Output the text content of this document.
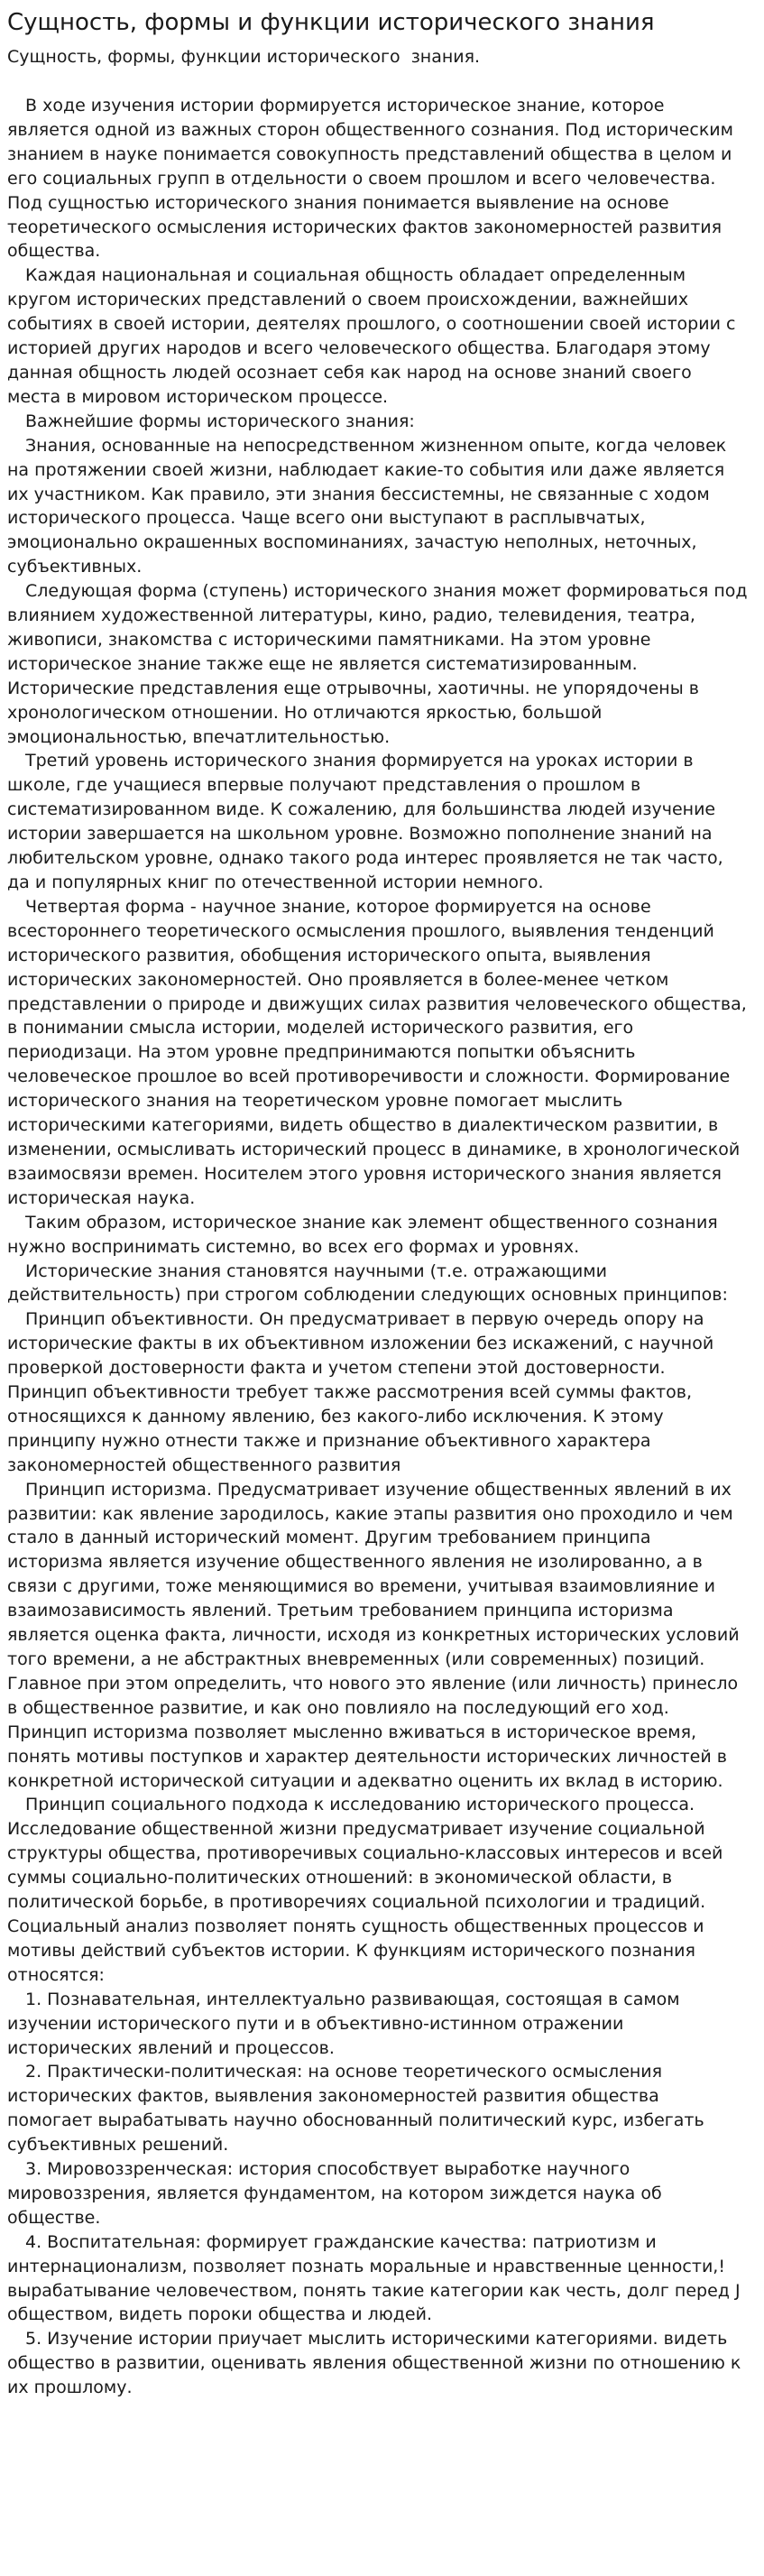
Сущность, формы и функции исторического знания
Сущность, формы, функции исторического  знания.

В ходе изучения истории формируется историческое знание, которое является одной из важных сторон общественного сознания. Под историческим знанием в науке понимается совокупность представлений общества в целом и его социальных групп в отдельности о своем прошлом и всего человечества. Под сущностью исторического знания понимается выявление на основе теоретического осмысления исторических фактов закономерностей развития общества.

Каждая национальная и социальная общность обладает определенным кругом исторических представлений о своем происхождении, важнейших событиях в своей истории, деятелях прошлого, о соотношении своей истории с историей других народов и всего человеческого общества. Благодаря этому данная общность людей осознает себя как народ на основе знаний своего места в мировом историческом процессе.

Важнейшие формы исторического знания:

Знания, основанные на непосредственном жизненном опыте, когда человек на протяжении своей жизни, наблюдает какие-то события или даже является их участником. Как правило, эти знания бессистемны, не связанные с ходом исторического процесса. Чаще всего они выступают в расплывчатых, эмоционально окрашенных воспоминаниях, зачастую неполных, неточных, субъективных.

Следующая форма (ступень) исторического знания может формироваться под влиянием художественной литературы, кино, радио, телевидения, театра, живописи, знакомства с историческими памятниками. На этом уровне историческое знание также еще не является систематизированным. Исторические представления еще отрывочны, хаотичны. не упорядочены в хронологическом отношении. Но отличаются яркостью, большой эмоциональностью, впечатлительностью.

Третий уровень исторического знания формируется на уроках истории в школе, где учащиеся впервые получают представления о прошлом в систематизированном виде. К сожалению, для большинства людей изучение истории завершается на школьном уровне. Возможно пополнение знаний на любительском уровне, однако такого рода интерес проявляется не так часто, да и популярных книг по отечественной истории немного.

Четвертая форма - научное знание, которое формируется на основе всестороннего теоретического осмысления прошлого, выявления тенденций исторического развития, обобщения исторического опыта, выявления исторических закономерностей. Оно проявляется в более-менее четком представлении о природе и движущих силах развития человеческого общества, в понимании смысла истории, моделей исторического развития, его периодизаци. На этом уровне предпринимаются попытки объяснить человеческое прошлое во всей противоречивости и сложности. Формирование исторического знания на теоретическом уровне помогает мыслить историческими категориями, видеть общество в диалектическом развитии, в изменении, осмысливать исторический процесс в динамике, в хронологической взаимосвязи времен. Носителем этого уровня исторического знания является историческая наука.

Таким образом, историческое знание как элемент общественного сознания нужно воспринимать системно, во всех его формах и уровнях.

Исторические знания становятся научными (т.е. отражающими действительность) при строгом соблюдении следующих основных принципов:

Принцип объективности. Он предусматривает в первую очередь опору на исторические факты в их объективном изложении без искажений, с научной проверкой достоверности факта и учетом степени этой достоверности. Принцип объективности требует также рассмотрения всей суммы фактов, относящихся к данному явлению, без какого-либо исключения. К этому принципу нужно отнести также и признание объективного характера закономерностей общественного развития

Принцип историзма. Предусматривает изучение общественных явлений в их развитии: как явление зародилось, какие этапы развития оно проходило и чем стало в данный исторический момент. Другим требованием принципа историзма является изучение общественного явления не изолированно, а в связи с другими, тоже меняющимися во времени, учитывая взаимовлияние и взаимозависимость явлений. Третьим требованием принципа историзма является оценка факта, личности, исходя из конкретных исторических условий того времени, а не абстрактных вневременных (или современных) позиций. Главное при этом определить, что нового это явление (или личность) принесло в общественное развитие, и как оно повлияло на последующий его ход. Принцип историзма позволяет мысленно вживаться в историческое время, понять мотивы поступков и характер деятельности исторических личностей в конкретной исторической ситуации и адекватно оценить их вклад в историю.

Принцип социального подхода к исследованию исторического процесса. Исследование общественной жизни предусматривает изучение социальной структуры общества, противоречивых социально-классовых интересов и всей суммы социально-политических отношений: в экономической области, в политической борьбе, в противоречиях социальной психологии и традиций. Социальный анализ позволяет понять сущность общественных процессов и мотивы действий субъектов истории. К функциям исторического познания относятся:

1. Познавательная, интеллектуально развивающая, состоящая в самом изучении исторического пути и в объективно-истинном отражении исторических явлений и процессов.

2. Практически-политическая: на основе теоретического осмысления исторических фактов, выявления закономерностей развития общества помогает вырабатывать научно обоснованный политический курс, избегать субъективных решений.

3. Мировоззренческая: история способствует выработке научного мировоззрения, является фундаментом, на котором зиждется наука об обществе.

4. Воспитательная: формирует гражданские качества: патриотизм и интернационализм, позволяет познать моральные и нравственные ценности,! вырабатывание человечеством, понять такие категории как честь, долг перед J обществом, видеть пороки общества и людей.

5. Изучение истории приучает мыслить историческими категориями. видеть общество в развитии, оценивать явления общественной жизни по отношению к их прошлому.
